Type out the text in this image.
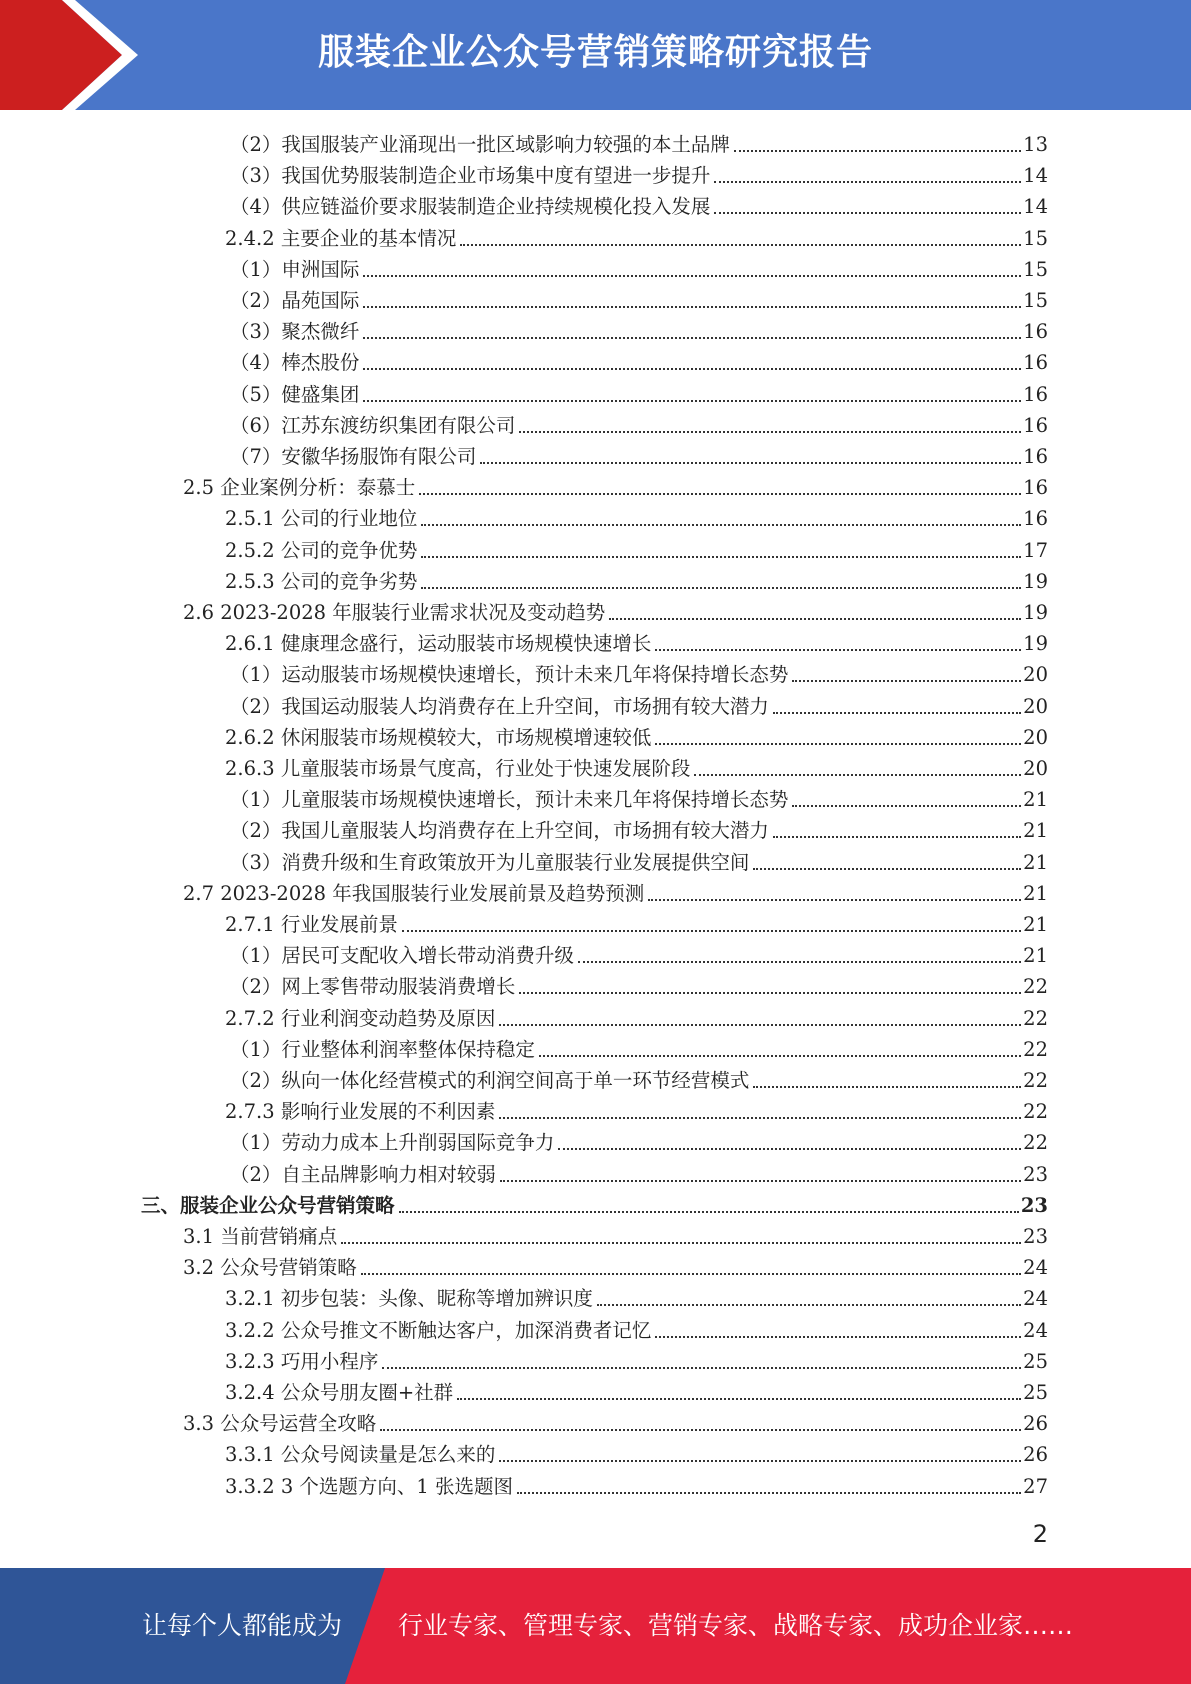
服装企业公众号营销策略研究报告
（2）我国服装产业涌现出一批区域影响力较强的本土品牌	13
（3）我国优势服装制造企业市场集中度有望进一步提升	14
（4）供应链溢价要求服装制造企业持续规模化投入发展	14
2.4.2 主要企业的基本情况	15
（1）申洲国际	15
（2）晶苑国际	15
（3）聚杰微纤	16
（4）棒杰股份	16
（5）健盛集团	16
（6）江苏东渡纺织集团有限公司	16
（7）安徽华扬服饰有限公司	16
2.5 企业案例分析：泰慕士	16
2.5.1 公司的行业地位	16
2.5.2 公司的竞争优势	17
2.5.3 公司的竞争劣势	19
2.6 2023-2028 年服装行业需求状况及变动趋势	19
2.6.1 健康理念盛行，运动服装市场规模快速增长	19
（1）运动服装市场规模快速增长，预计未来几年将保持增长态势	20
（2）我国运动服装人均消费存在上升空间，市场拥有较大潜力	20
2.6.2 休闲服装市场规模较大，市场规模增速较低	20
2.6.3 儿童服装市场景气度高，行业处于快速发展阶段	20
（1）儿童服装市场规模快速增长，预计未来几年将保持增长态势	21
（2）我国儿童服装人均消费存在上升空间，市场拥有较大潜力	21
（3）消费升级和生育政策放开为儿童服装行业发展提供空间	21
2.7 2023-2028 年我国服装行业发展前景及趋势预测	21
2.7.1 行业发展前景	21
（1）居民可支配收入增长带动消费升级	21
（2）网上零售带动服装消费增长	22
2.7.2 行业利润变动趋势及原因	22
（1）行业整体利润率整体保持稳定	22
（2）纵向一体化经营模式的利润空间高于单一环节经营模式	22
2.7.3 影响行业发展的不利因素	22
（1）劳动力成本上升削弱国际竞争力	22
（2）自主品牌影响力相对较弱	23
三、服装企业公众号营销策略	23
3.1 当前营销痛点	23
3.2 公众号营销策略	24
3.2.1 初步包装：头像、昵称等增加辨识度	24
3.2.2 公众号推文不断触达客户，加深消费者记忆	24
3.2.3 巧用小程序	25
3.2.4 公众号朋友圈+社群	25
3.3 公众号运营全攻略	26
3.3.1 公众号阅读量是怎么来的	26
3.3.2 3 个选题方向、1 张选题图	27
2
让每个人都能成为 行业专家、管理专家、营销专家、战略专家、成功企业家……
